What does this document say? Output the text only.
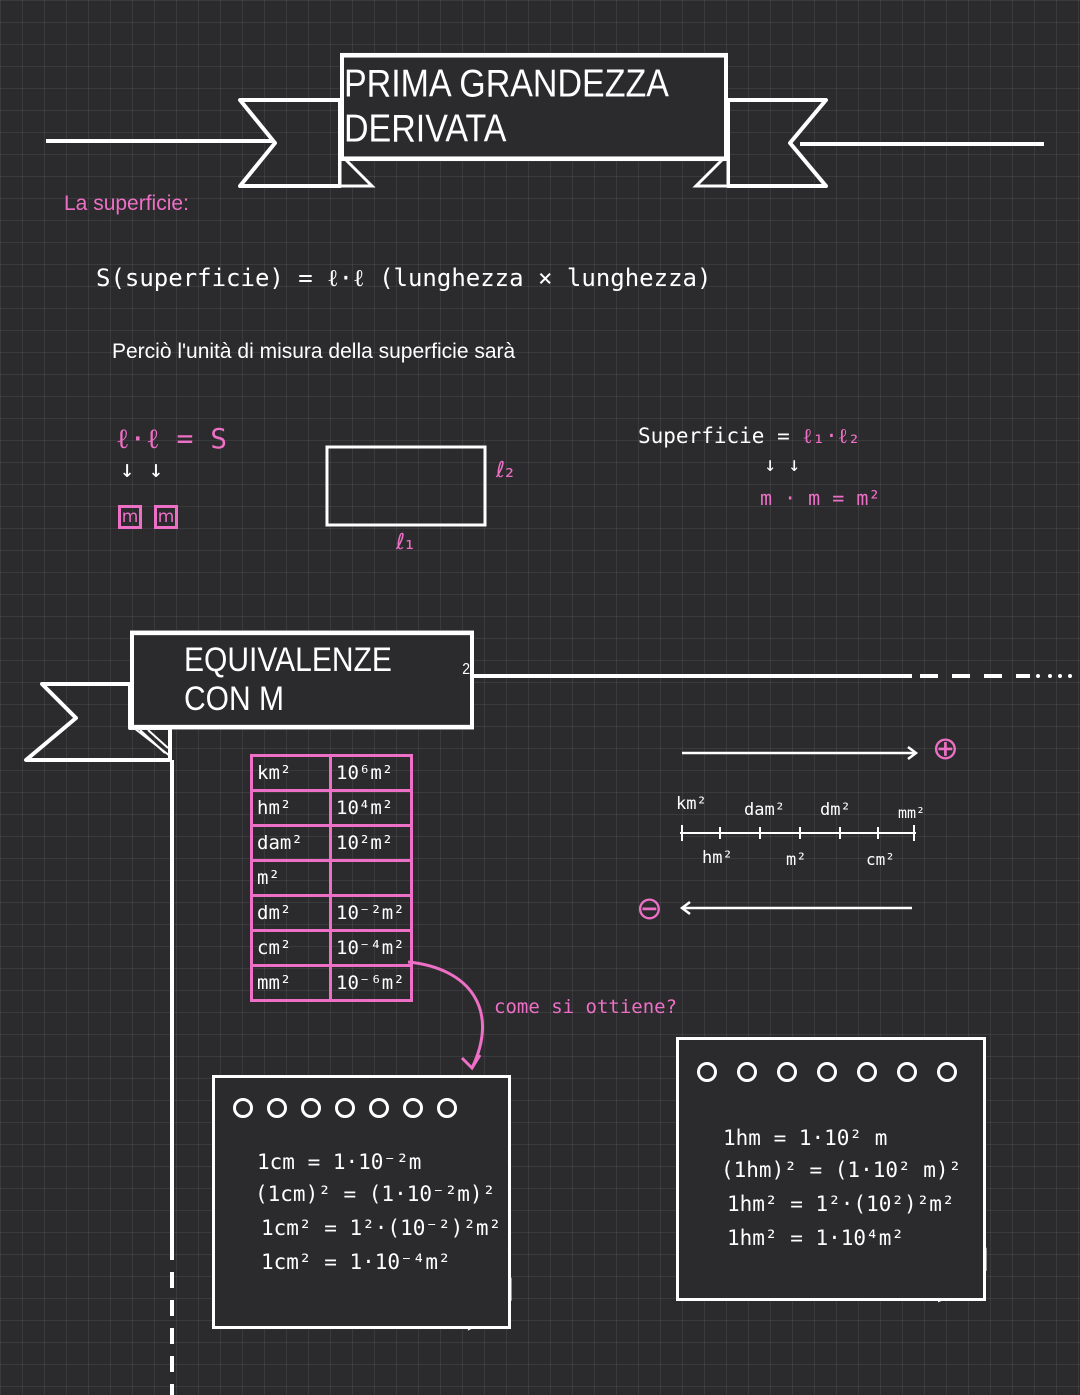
PRIMA GRANDEZZA DERIVATA
La superficie:
S(superficie) = ℓ·ℓ (lunghezza × lunghezza)
Perciò l'unità di misura della superficie sarà
ℓ·ℓ = S
↓ ↓
m m
ℓ₂
ℓ₁
Superficie = ℓ₁·ℓ₂
↓ ↓
m · m = m²
EQUIVALENZE CON M
$^2$
km²	10⁶m²
hm²	10⁴m²
dam²	10²m²
m²	
dm²	10⁻²m²
cm²	10⁻⁴m²
mm²	10⁻⁶m²
come si ottiene?
⊕
⊖
km² dam² dm²	mm²
hm²	m²	cm²
1cm = 1·10⁻²m
(1cm)² = (1·10⁻²m)²
1cm² = 1²·(10⁻²)²m²
1cm² = 1·10⁻⁴m²
1hm = 1·10² m
(1hm)² = (1·10² m)²
1hm² = 1²·(10²)²m²
1hm² = 1·10⁴m²
